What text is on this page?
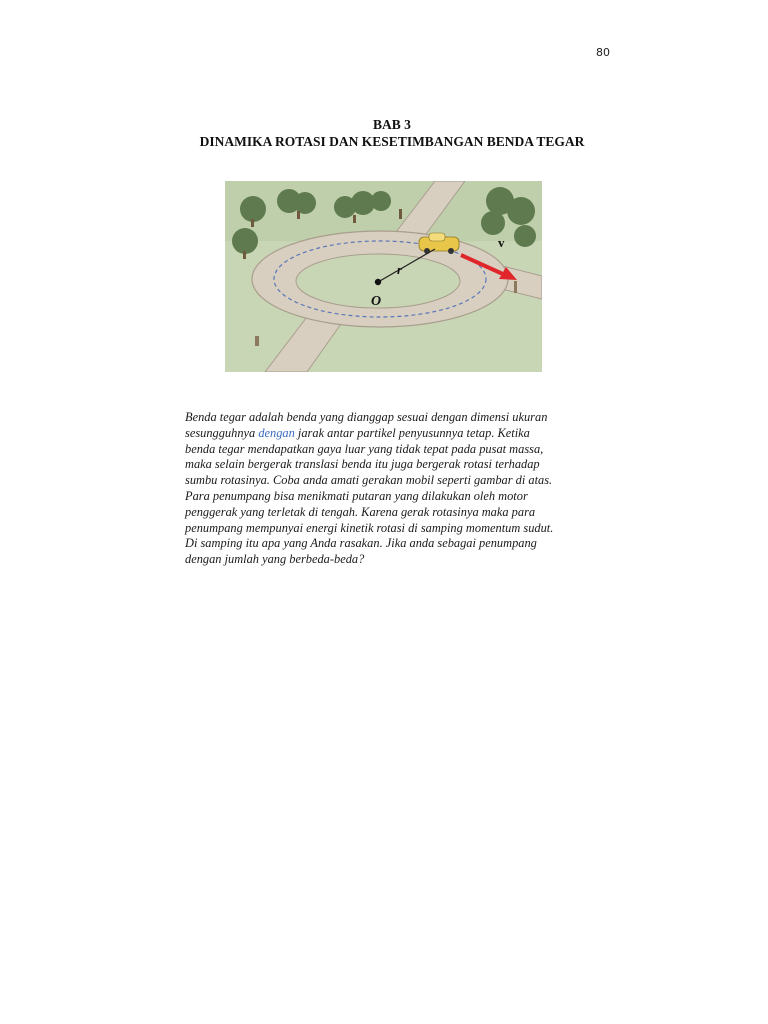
80
BAB 3
DINAMIKA ROTASI DAN KESETIMBANGAN BENDA TEGAR
v
r
O
Benda tegar adalah benda yang dianggap sesuai dengan dimensi ukuran
sesungguhnya dengan jarak antar partikel penyusunnya tetap. Ketika
benda tegar mendapatkan gaya luar yang tidak tepat pada pusat massa,
maka selain bergerak translasi benda itu juga bergerak rotasi terhadap
sumbu rotasinya. Coba anda amati gerakan mobil seperti gambar di atas.
Para penumpang bisa menikmati putaran yang dilakukan oleh motor
penggerak yang terletak di tengah. Karena gerak rotasinya maka para
penumpang mempunyai energi kinetik rotasi di samping momentum sudut.
Di samping itu apa yang Anda rasakan. Jika anda sebagai penumpang
dengan jumlah yang berbeda-beda?
